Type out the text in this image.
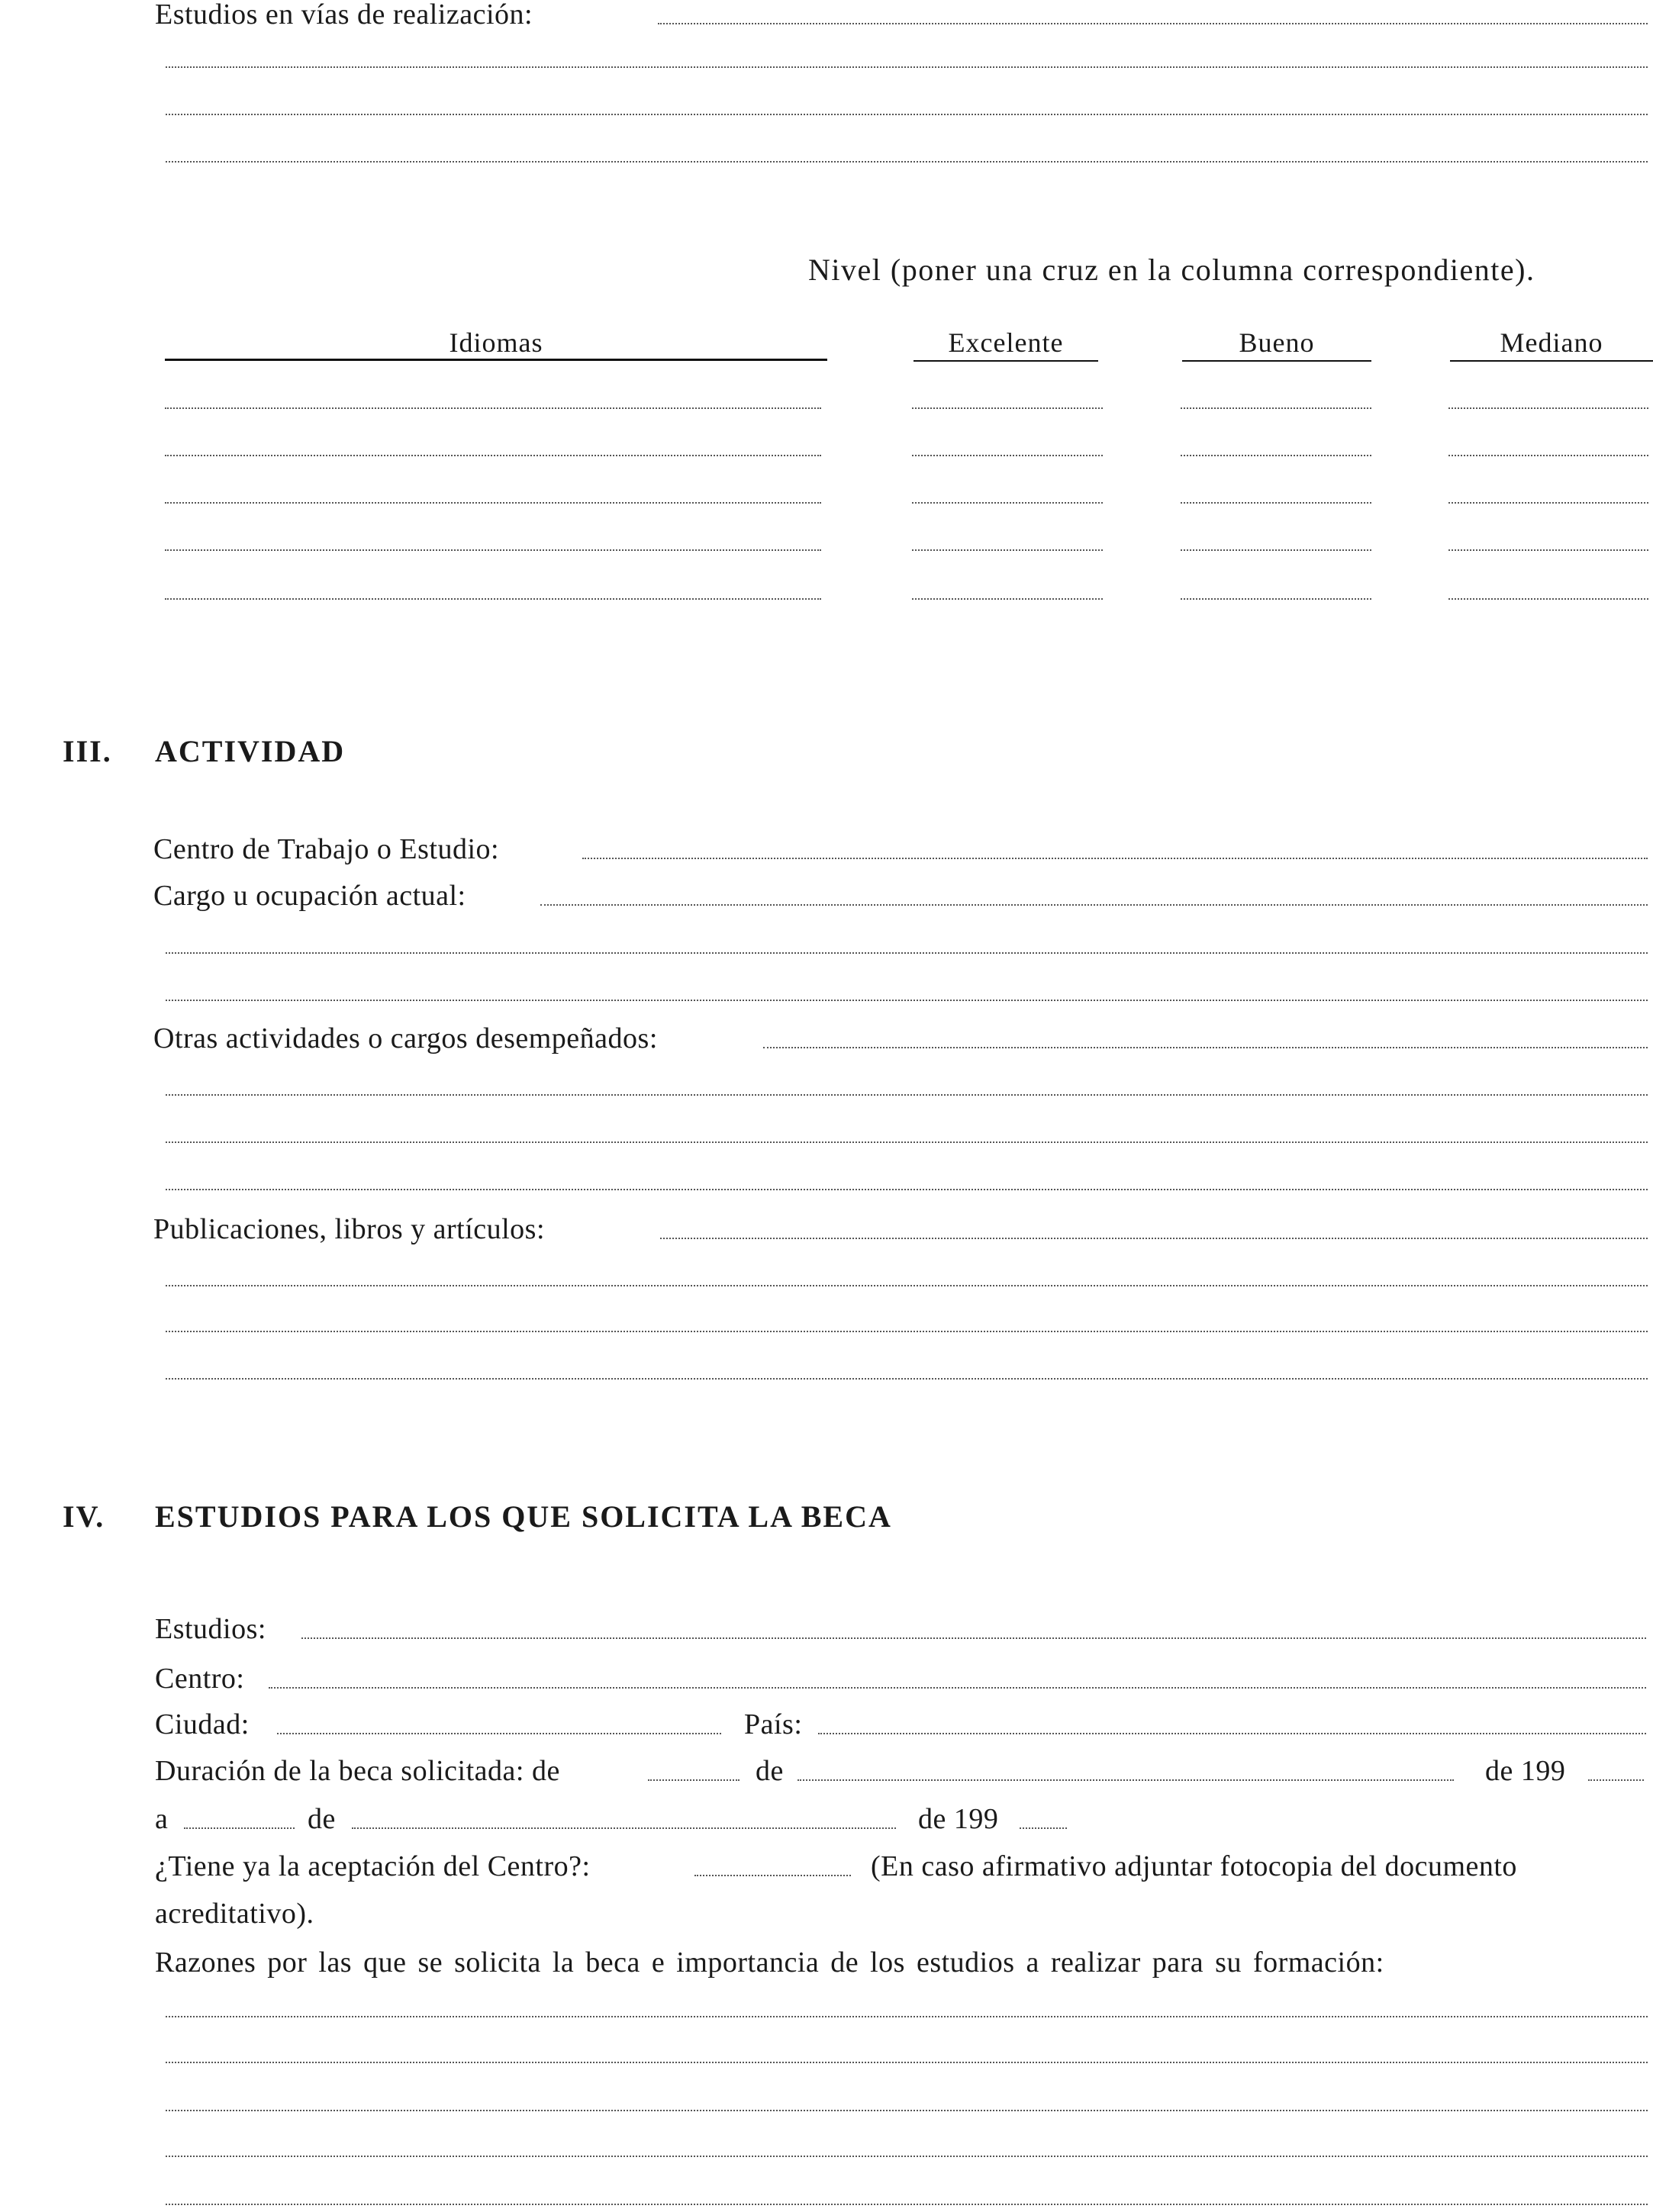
Estudios en vías de realización:
Nivel (poner una cruz en la columna correspondiente).
Idiomas	Excelente	Bueno	Mediano
III. ACTIVIDAD
Centro de Trabajo o Estudio:
Cargo u ocupación actual:
Otras actividades o cargos desempeñados:
Publicaciones, libros y artículos:
IV. ESTUDIOS PARA LOS QUE SOLICITA LA BECA
Estudios:
Centro:
Ciudad:	País:
Duración de la beca solicitada: de	de	de 199
a	de	de 199
¿Tiene ya la aceptación del Centro?:	(En caso afirmativo adjuntar fotocopia del documento
acreditativo).
Razones por las que se solicita la beca e importancia de los estudios a realizar para su formación:
